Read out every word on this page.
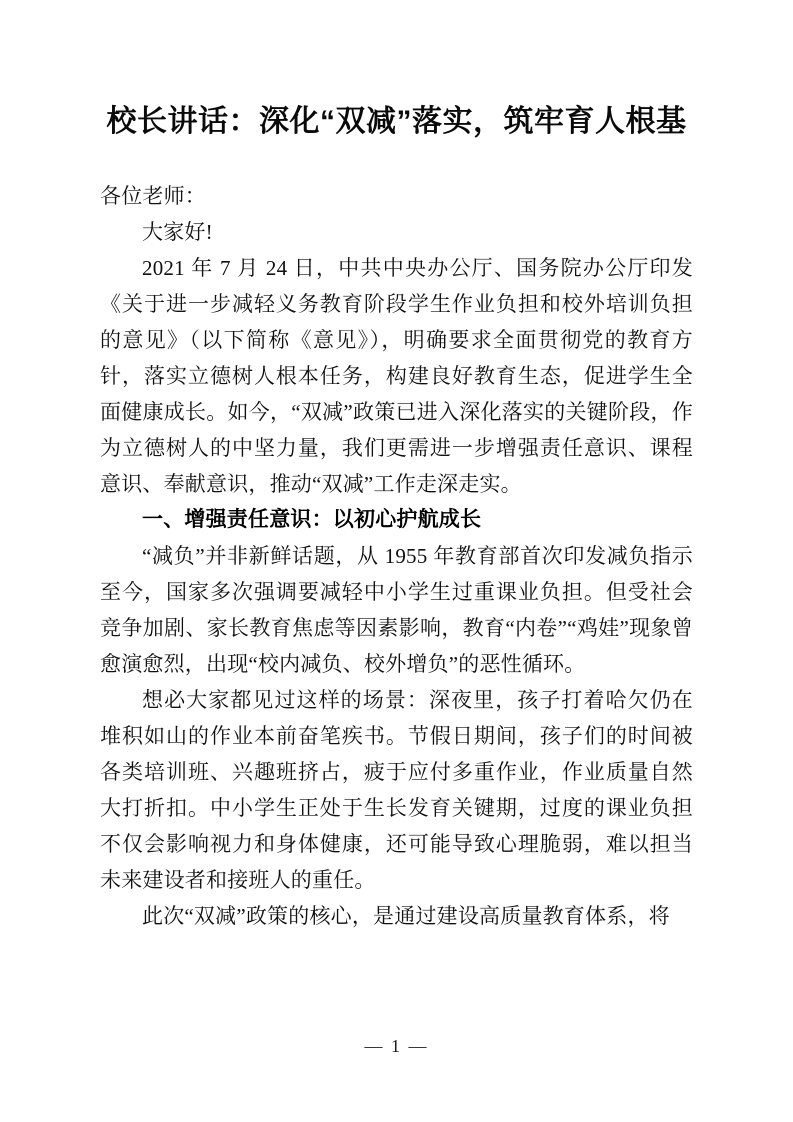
校长讲话：深化“双减”落实，筑牢育人根基

各位老师：

大家好!

2021 年 7 月 24 日，中共中央办公厅、国务院办公厅印发《关于进一步减轻义务教育阶段学生作业负担和校外培训负担的意见》（以下简称《意见》），明确要求全面贯彻党的教育方针，落实立德树人根本任务，构建良好教育生态，促进学生全面健康成长。如今，“双减”政策已进入深化落实的关键阶段，作为立德树人的中坚力量，我们更需进一步增强责任意识、课程意识、奉献意识，推动“双减”工作走深走实。

一、增强责任意识：以初心护航成长

“减负”并非新鲜话题，从 1955 年教育部首次印发减负指示至今，国家多次强调要减轻中小学生过重课业负担。但受社会竞争加剧、家长教育焦虑等因素影响，教育“内卷”“鸡娃”现象曾愈演愈烈，出现“校内减负、校外增负”的恶性循环。

想必大家都见过这样的场景：深夜里，孩子打着哈欠仍在堆积如山的作业本前奋笔疾书。节假日期间，孩子们的时间被各类培训班、兴趣班挤占，疲于应付多重作业，作业质量自然大打折扣。中小学生正处于生长发育关键期，过度的课业负担不仅会影响视力和身体健康，还可能导致心理脆弱，难以担当未来建设者和接班人的重任。

此次“双减”政策的核心，是通过建设高质量教育体系，将

— 1 —
